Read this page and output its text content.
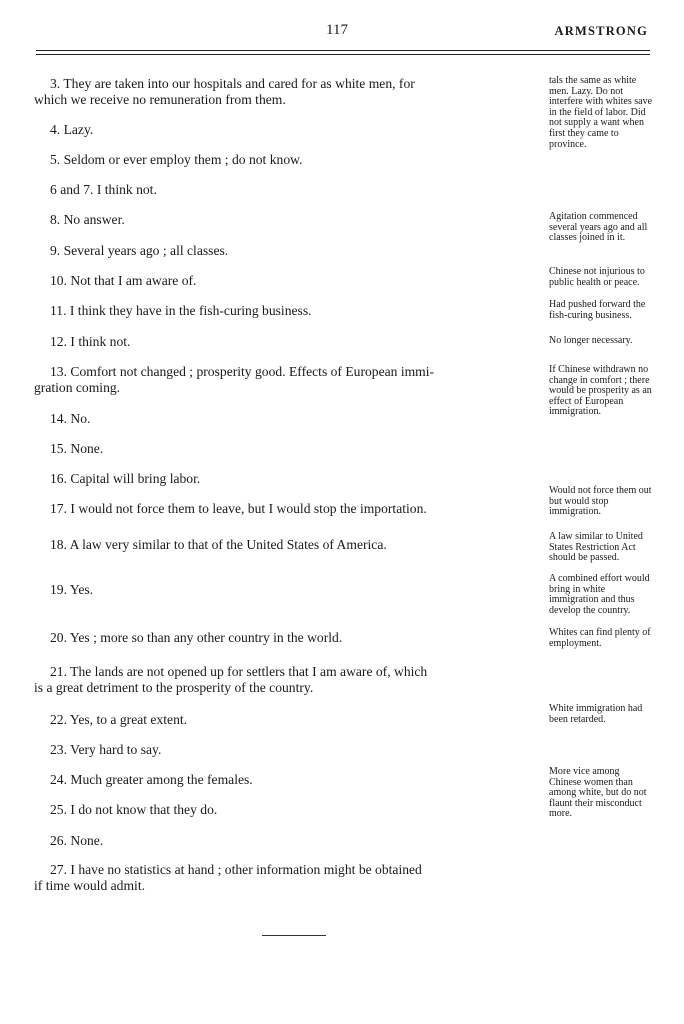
117	ARMSTRONG
3. They are taken into our hospitals and cared for as white men, for
which we receive no remuneration from them.
4. Lazy.
5. Seldom or ever employ them ; do not know.
6 and 7. I think not.
8. No answer.
9. Several years ago ; all classes.
10. Not that I am aware of.
11. I think they have in the fish-curing business.
12. I think not.
13. Comfort not changed ; prosperity good. Effects of European immi-
gration coming.
14. No.
15. None.
16. Capital will bring labor.
17. I would not force them to leave, but I would stop the importation.
18. A law very similar to that of the United States of America.
19. Yes.
20. Yes ; more so than any other country in the world.
21. The lands are not opened up for settlers that I am aware of, which
is a great detriment to the prosperity of the country.
22. Yes, to a great extent.
23. Very hard to say.
24. Much greater among the females.
25. I do not know that they do.
26. None.
27. I have no statistics at hand ; other information might be obtained
if time would admit.
tals the same as white men. Lazy. Do not interfere with whites save in the field of labor. Did not supply a want when first they came to province.
Agitation commenced several years ago and all classes joined in it.
Chinese not injurious to public health or peace.
Had pushed forward the fish-curing business.
No longer necessary.
If Chinese withdrawn no change in comfort ; there would be prosperity as an effect of European immigration.
Would not force them out but would stop immigration.
A law similar to United States Restriction Act should be passed.
A combined effort would bring in white immigration and thus develop the country.
Whites can find plenty of employment.
White immigration had been retarded.
More vice among Chinese women than among white, but do not flaunt their misconduct more.
